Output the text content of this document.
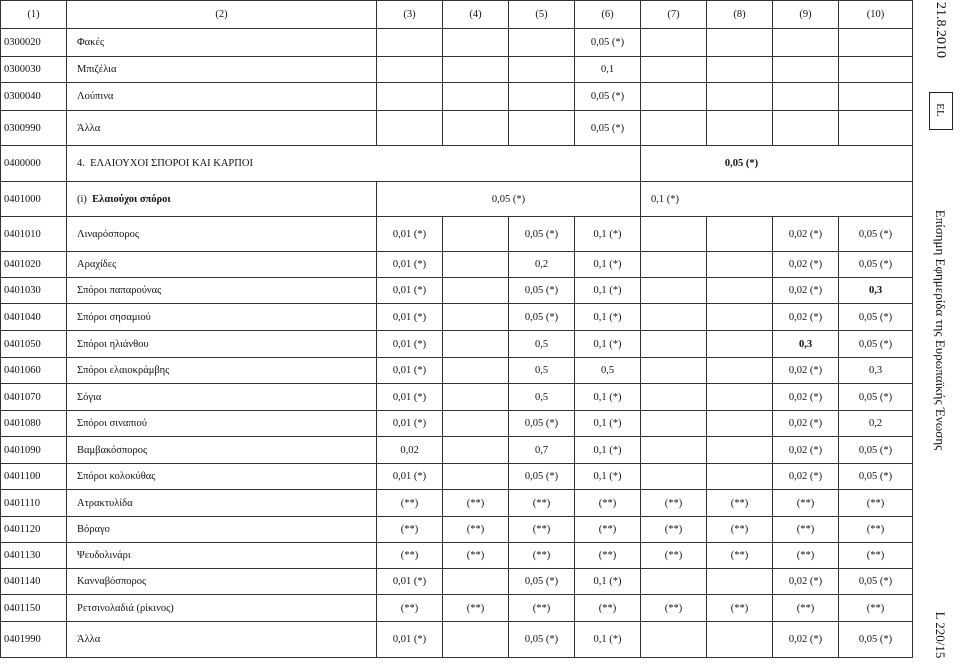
(1)	(2)	(3)	(4)	(5)	(6)	(7)	(8)	(9)	(10)
0300020	Φακές				0,05 (*)				
0300030	Μπιζέλια				0,1				
0300040	Λούπινα				0,05 (*)				
0300990	Άλλα				0,05 (*)				
0400000	4. ΕΛΑΙΟΥΧΟΙ ΣΠΟΡΟΙ ΚΑΙ ΚΑΡΠΟΙ					0,05 (*)			
0401000	(i) Ελαιούχοι σπόροι	0,05 (*)				0,1 (*)			
0401010	Λιναρόσπορος	0,01 (*)		0,05 (*)	0,1 (*)			0,02 (*)	0,05 (*)
0401020	Αραχίδες	0,01 (*)		0,2	0,1 (*)			0,02 (*)	0,05 (*)
0401030	Σπόροι παπαρούνας	0,01 (*)		0,05 (*)	0,1 (*)			0,02 (*)	0,3
0401040	Σπόροι σησαμιού	0,01 (*)		0,05 (*)	0,1 (*)			0,02 (*)	0,05 (*)
0401050	Σπόροι ηλιάνθου	0,01 (*)		0,5	0,1 (*)			0,3	0,05 (*)
0401060	Σπόροι ελαιοκράμβης	0,01 (*)		0,5	0,5			0,02 (*)	0,3
0401070	Σόγια	0,01 (*)		0,5	0,1 (*)			0,02 (*)	0,05 (*)
0401080	Σπόροι σιναπιού	0,01 (*)		0,05 (*)	0,1 (*)			0,02 (*)	0,2
0401090	Βαμβακόσπορος	0,02		0,7	0,1 (*)			0,02 (*)	0,05 (*)
0401100	Σπόροι κολοκύθας	0,01 (*)		0,05 (*)	0,1 (*)			0,02 (*)	0,05 (*)
0401110	Ατρακτυλίδα	(**)	(**)	(**)	(**)	(**)	(**)	(**)	(**)
0401120	Βόραγο	(**)	(**)	(**)	(**)	(**)	(**)	(**)	(**)
0401130	Ψευδολινάρι	(**)	(**)	(**)	(**)	(**)	(**)	(**)	(**)
0401140	Κανναβόσπορος	0,01 (*)		0,05 (*)	0,1 (*)			0,02 (*)	0,05 (*)
0401150	Ρετσινολαδιά (ρίκινος)	(**)	(**)	(**)	(**)	(**)	(**)	(**)	(**)
0401990	Άλλα	0,01 (*)		0,05 (*)	0,1 (*)			0,02 (*)	0,05 (*)
21.8.2010
EL
Επίσημη Εφημερίδα της Ευρωπαϊκής Ένωσης
L 220/15
